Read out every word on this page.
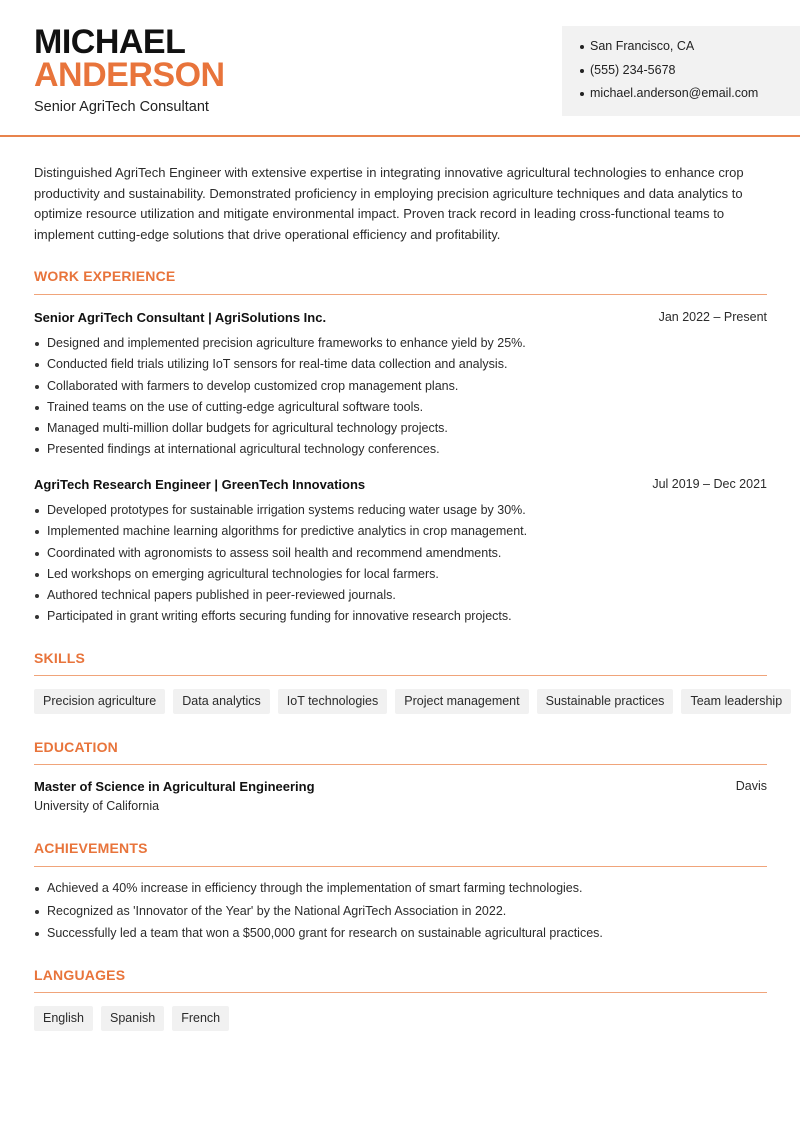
MICHAEL
ANDERSON
Senior AgriTech Consultant
San Francisco, CA
(555) 234-5678
michael.anderson@email.com
Distinguished AgriTech Engineer with extensive expertise in integrating innovative agricultural technologies to enhance crop productivity and sustainability. Demonstrated proficiency in employing precision agriculture techniques and data analytics to optimize resource utilization and mitigate environmental impact. Proven track record in leading cross-functional teams to implement cutting-edge solutions that drive operational efficiency and profitability.
WORK EXPERIENCE
Senior AgriTech Consultant | AgriSolutions Inc.	Jan 2022 – Present
Designed and implemented precision agriculture frameworks to enhance yield by 25%.
Conducted field trials utilizing IoT sensors for real-time data collection and analysis.
Collaborated with farmers to develop customized crop management plans.
Trained teams on the use of cutting-edge agricultural software tools.
Managed multi-million dollar budgets for agricultural technology projects.
Presented findings at international agricultural technology conferences.
AgriTech Research Engineer | GreenTech Innovations	Jul 2019 – Dec 2021
Developed prototypes for sustainable irrigation systems reducing water usage by 30%.
Implemented machine learning algorithms for predictive analytics in crop management.
Coordinated with agronomists to assess soil health and recommend amendments.
Led workshops on emerging agricultural technologies for local farmers.
Authored technical papers published in peer-reviewed journals.
Participated in grant writing efforts securing funding for innovative research projects.
SKILLS
Precision agriculture	Data analytics	IoT technologies	Project management	Sustainable practices	Team leadership
EDUCATION
Master of Science in Agricultural Engineering	Davis
University of California
ACHIEVEMENTS
Achieved a 40% increase in efficiency through the implementation of smart farming technologies.
Recognized as 'Innovator of the Year' by the National AgriTech Association in 2022.
Successfully led a team that won a $500,000 grant for research on sustainable agricultural practices.
LANGUAGES
English	Spanish	French
